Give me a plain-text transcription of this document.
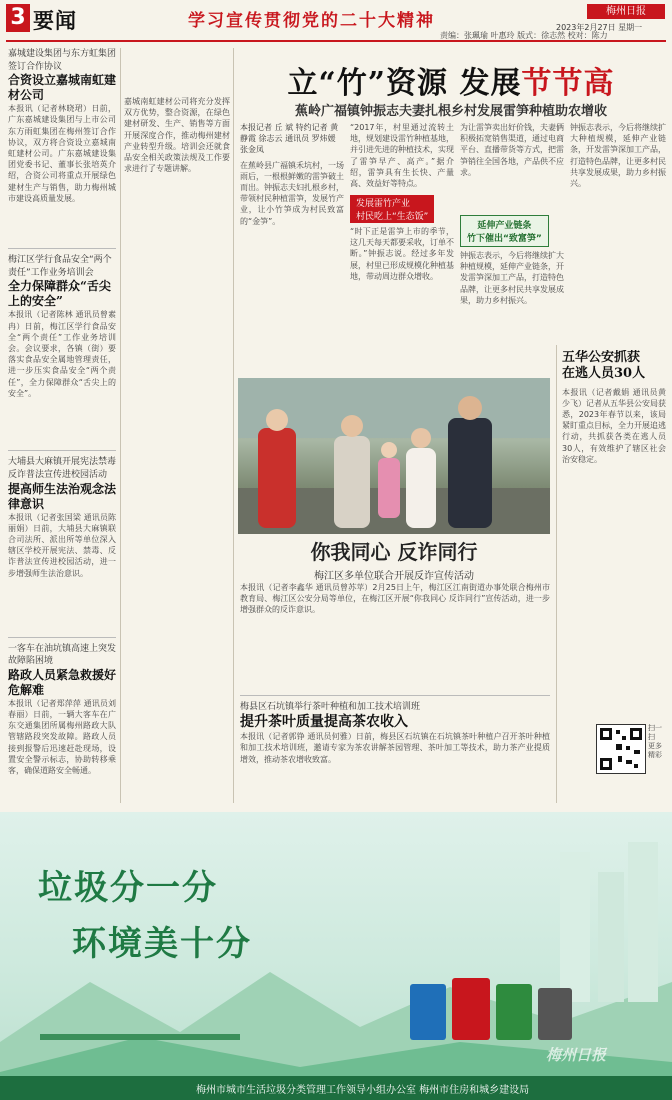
3 要闻	学习宣传贯彻党的二十大精神	梅州日报
2023年2月27日 星期一
责编：张珮瑜 叶惠玲 版式：徐志然 校对：陈力
嘉城建设集团与东方虹集团签订合作协议
合资设立嘉城南虹建材公司
本报讯（记者林晓珺）日前，广东嘉城建设集团与上市公司东方雨虹集团在梅州签订合作协议，双方将合资设立嘉城南虹建材公司。广东嘉城建设集团党委书记、董事长张培英介绍，合资公司将重点开展绿色建材生产与销售，助力梅州城市建设高质量发展。
梅江区学行食品安全“两个责任”工作业务培训会
全力保障群众“舌尖上的安全”
本报讯（记者陈林 通讯员曾素冉）日前，梅江区学行食品安全“两个责任”工作业务培训会。会议要求，各镇（街）要落实食品安全属地管理责任，进一步压实食品安全“两个责任”，全力保障群众“舌尖上的安全”。
大埔县大麻镇开展宪法禁毒反诈普法宣传进校园活动
提高师生法治观念法律意识
本报讯（记者张国梁 通讯员陈丽娟）日前，大埔县大麻镇联合司法所、派出所等单位深入辖区学校开展宪法、禁毒、反诈普法宣传进校园活动，进一步增强师生法治意识。
一客车在油坑镇高速上突发故障陷困境
路政人员紧急救援好危解难
本报讯（记者郑萍萍 通讯员刘春丽）日前，一辆大客车在广东交通集团所属梅州路政大队管辖路段突发故障。路政人员接到报警后迅速赶赴现场，设置安全警示标志，协助转移乘客，确保道路安全畅通。
嘉城南虹建材公司将充分发挥双方优势，整合资源，在绿色建材研发、生产、销售等方面开展深度合作，推动梅州建材产业转型升级。培训会还就食品安全相关政策法规及工作要求进行了专题讲解。
立“竹”资源 发展节节高
蕉岭广福镇钟振志夫妻扎根乡村发展雷笋种植助农增收
本报记者 丘 斌 特约记者 黄静霞 徐志云 通讯员 罗炜媛 张金凤
在蕉岭县广福镇禾坑村，一场雨后，一根根鲜嫩的雷笋破土而出。钟振志夫妇扎根乡村，带领村民种植雷笋，发展竹产业，让小竹笋成为村民致富的“金笋”。
“2017年，村里通过流转土地，规划建设雷竹种植基地，并引进先进的种植技术，实现了雷笋早产、高产。”据介绍，雷笋具有生长快、产量高、效益好等特点。
发展雷竹产业
村民吃上“生态饭”
“时下正是雷笋上市的季节，这几天每天都要采收，订单不断。”钟振志说。经过多年发展，村里已形成规模化种植基地，带动周边群众增收。
为让雷笋卖出好价钱，夫妻俩积极拓宽销售渠道，通过电商平台、直播带货等方式，把雷笋销往全国各地，产品供不应求。
延伸产业链条
竹下催出“致富笋”
钟振志表示，今后将继续扩大种植规模，延伸产业链条，开发雷笋深加工产品，打造特色品牌，让更多村民共享发展成果，助力乡村振兴。
钟振志表示，今后将继续扩大种植规模，延伸产业链条，开发雷笋深加工产品，打造特色品牌，让更多村民共享发展成果，助力乡村振兴。
你我同心 反诈同行
梅江区多单位联合开展反诈宣传活动
本报讯（记者李鑫华 通讯员曾苏苹）2月25日上午，梅江区江南街道办事处联合梅州市教育局、梅江区公安分局等单位，在梅江区开展“你我同心 反诈同行”宣传活动，进一步增强群众的反诈意识。
五华公安抓获
在逃人员30人
本报讯（记者戴娟 通讯员黄少飞）记者从五华县公安局获悉，2023年春节以来，该局紧盯重点目标，全力开展追逃行动，共抓获各类在逃人员30人，有效维护了辖区社会治安稳定。
梅县区石坑镇举行茶叶种植和加工技术培训班
提升茶叶质量提高茶农收入
本报讯（记者郭铮 通讯员何雅）日前，梅县区石坑镇在石坑镇茶叶种植户召开茶叶种植和加工技术培训班，邀请专家为茶农讲解茶园管理、茶叶加工等技术，助力茶产业提质增效，推动茶农增收致富。
扫一扫 更多精彩
垃圾分一分
环境美十分
梅州市城市生活垃圾分类管理工作领导小组办公室 梅州市住房和城乡建设局
梅州日报
